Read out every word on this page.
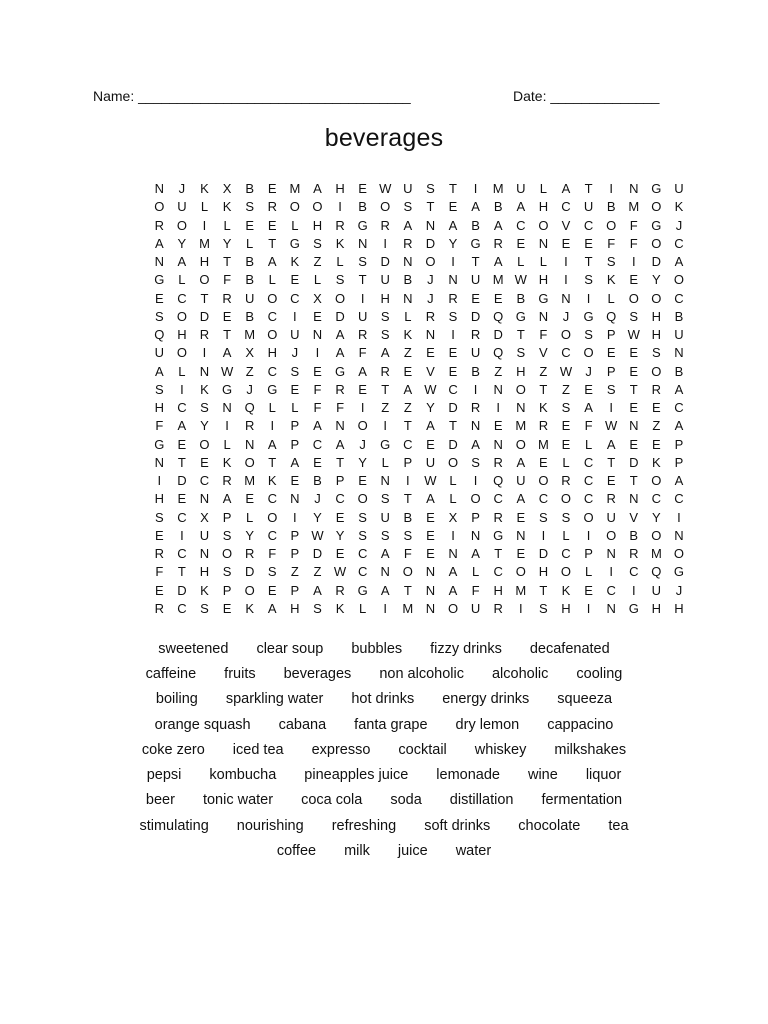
Name: ___________________________________	Date: ______________
beverages
N	J	K	X	B	E M A	H	E W U	S	T	I	M U	L	A	T	I	N G U
O U	L	K	S	R O O	I	B	O	S	T	E	A	B	A	H	C	U	B M O	K
R O	I	L	E	E	L	H	R G R	A	N	A	B	A	C O	V	C O	F	G	J
A	Y M Y	L	T	G	S	K	N	I	R	D	Y	G R	E	N	E	E	F	F	O C
N	A	H	T	B	A	K	Z	L	S	D	N O	I	T	A	L	L	I	T	S	I	D	A
G	L	O	F	B	L	E	L	S	T	U	B	J	N	U M W H	I	S	K	E	Y	O
E	C	T	R	U O C	X	O	I	H	N	J	R	E	E	B	G N	I	L	O O C
S	O D	E	B	C	I	E	D	U	S	L	R	S	D Q G N	J	G Q	S	H	B
Q H	R	T	M O U	N	A	R	S	K	N	I	R	D	T	F	O	S	P W H	U
U O	I	A	X	H	J	I	A	F	A	Z	E	E	U Q	S	V	C O	E	E	S	N
A	L	N W Z	C	S	E	G	A	R	E	V	E	B	Z	H	Z W	J	P	E	O	B
S	I	K	G	J	G	E	F	R	E	T	A W C	I	N O	T	Z	E	S	T	R	A
H	C	S	N Q	L	L	F	F	I	Z	Z	Y	D	R	I	N	K	S	A	I	E	E	C
F	A	Y	I	R	I	P	A	N O	I	T	A	T	N	E M R	E	F W N	Z	A
G	E	O	L	N	A	P	C	A	J	G C	E	D	A	N O M E	L	A	E	E	P
N	T	E	K	O	T	A	E	T	Y	L	P	U O	S	R	A	E	L	C	T	D	K	P
I	D	C	R M K	E	B	P	E	N	I	W L	I	Q U O R	C	E	T	O	A
H	E	N	A	E	C	N	J	C O	S	T	A	L	O C	A	C O C	R	N	C	C
S	C	X	P	L	O	I	Y	E	S	U	B	E	X	P	R	E	S	S	O U	V	Y	I
E	I	U	S	Y	C	P W Y	S	S	S	E	I	N G N	I	L	I	O	B	O N
R	C	N O R	F	P	D	E	C	A	F	E	N	A	T	E	D	C	P	N	R M O
F	T	H	S	D	S	Z	Z W C	N O N	A	L	C O H O	L	I	C Q G
E	D	K	P	O	E	P	A	R G	A	T	N	A	F	H M	T	K	E	C	I	U	J
R	C	S	E	K	A	H	S	K	L	I	M N O U	R	I	S	H	I	N G H	H
sweetened clear soup bubbles fizzy drinks decafenated
caffeine fruits beverages non alcoholic alcoholic cooling
boiling sparkling water hot drinks energy drinks squeeza
orange squash cabana fanta grape dry lemon cappacino
coke zero iced tea expresso cocktail whiskey milkshakes
pepsi kombucha pineapples juice lemonade wine liquor
beer tonic water coca cola soda distillation fermentation
stimulating nourishing refreshing soft drinks chocolate tea
coffee milk juice water
